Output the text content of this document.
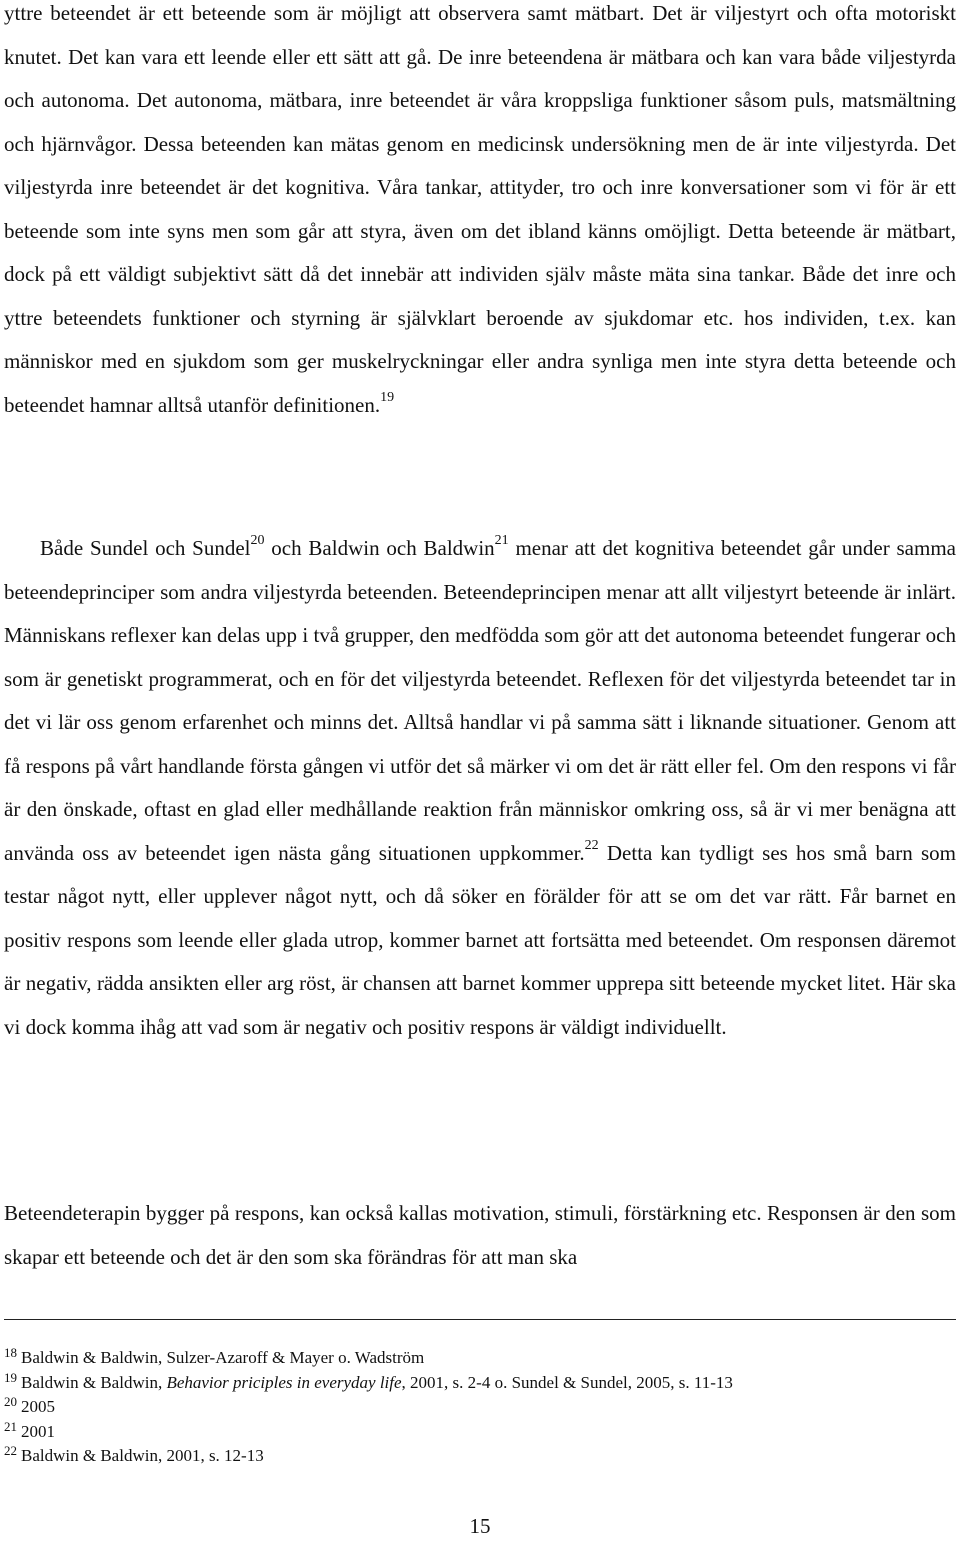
yttre beteendet är ett beteende som är möjligt att observera samt mätbart. Det är viljestyrt och ofta motoriskt knutet. Det kan vara ett leende eller ett sätt att gå. De inre beteendena är mätbara och kan vara både viljestyrda och autonoma. Det autonoma, mätbara, inre beteendet är våra kroppsliga funktioner såsom puls, matsmältning och hjärnvågor. Dessa beteenden kan mätas genom en medicinsk undersökning men de är inte viljestyrda. Det viljestyrda inre beteendet är det kognitiva. Våra tankar, attityder, tro och inre konversationer som vi för är ett beteende som inte syns men som går att styra, även om det ibland känns omöjligt. Detta beteende är mätbart, dock på ett väldigt subjektivt sätt då det innebär att individen själv måste mäta sina tankar. Både det inre och yttre beteendets funktioner och styrning är självklart beroende av sjukdomar etc. hos individen, t.ex. kan människor med en sjukdom som ger muskelryckningar eller andra synliga men inte styra detta beteende och beteendet hamnar alltså utanför definitionen.$^{19}$

Både Sundel och Sundel$^{20}$ och Baldwin och Baldwin$^{21}$ menar att det kognitiva beteendet går under samma beteendeprinciper som andra viljestyrda beteenden. Beteendeprincipen menar att allt viljestyrt beteende är inlärt. Människans reflexer kan delas upp i två grupper, den medfödda som gör att det autonoma beteendet fungerar och som är genetiskt programmerat, och en för det viljestyrda beteendet. Reflexen för det viljestyrda beteendet tar in det vi lär oss genom erfarenhet och minns det. Alltså handlar vi på samma sätt i liknande situationer. Genom att få respons på vårt handlande första gången vi utför det så märker vi om det är rätt eller fel. Om den respons vi får är den önskade, oftast en glad eller medhållande reaktion från människor omkring oss, så är vi mer benägna att använda oss av beteendet igen nästa gång situationen uppkommer.$^{22}$ Detta kan tydligt ses hos små barn som testar något nytt, eller upplever något nytt, och då söker en förälder för att se om det var rätt. Får barnet en positiv respons som leende eller glada utrop, kommer barnet att fortsätta med beteendet. Om responsen däremot är negativ, rädda ansikten eller arg röst, är chansen att barnet kommer upprepa sitt beteende mycket litet. Här ska vi dock komma ihåg att vad som är negativ och positiv respons är väldigt individuellt.

Beteendeterapin bygger på respons, kan också kallas motivation, stimuli, förstärkning etc. Responsen är den som skapar ett beteende och det är den som ska förändras för att man ska

$^{18}$ Baldwin & Baldwin, Sulzer-Azaroff & Mayer o. Wadström
$^{19}$ Baldwin & Baldwin, Behavior priciples in everyday life, 2001, s. 2-4 o. Sundel & Sundel, 2005, s. 11-13
$^{20}$ 2005
$^{21}$ 2001
$^{22}$ Baldwin & Baldwin, 2001, s. 12-13
15
